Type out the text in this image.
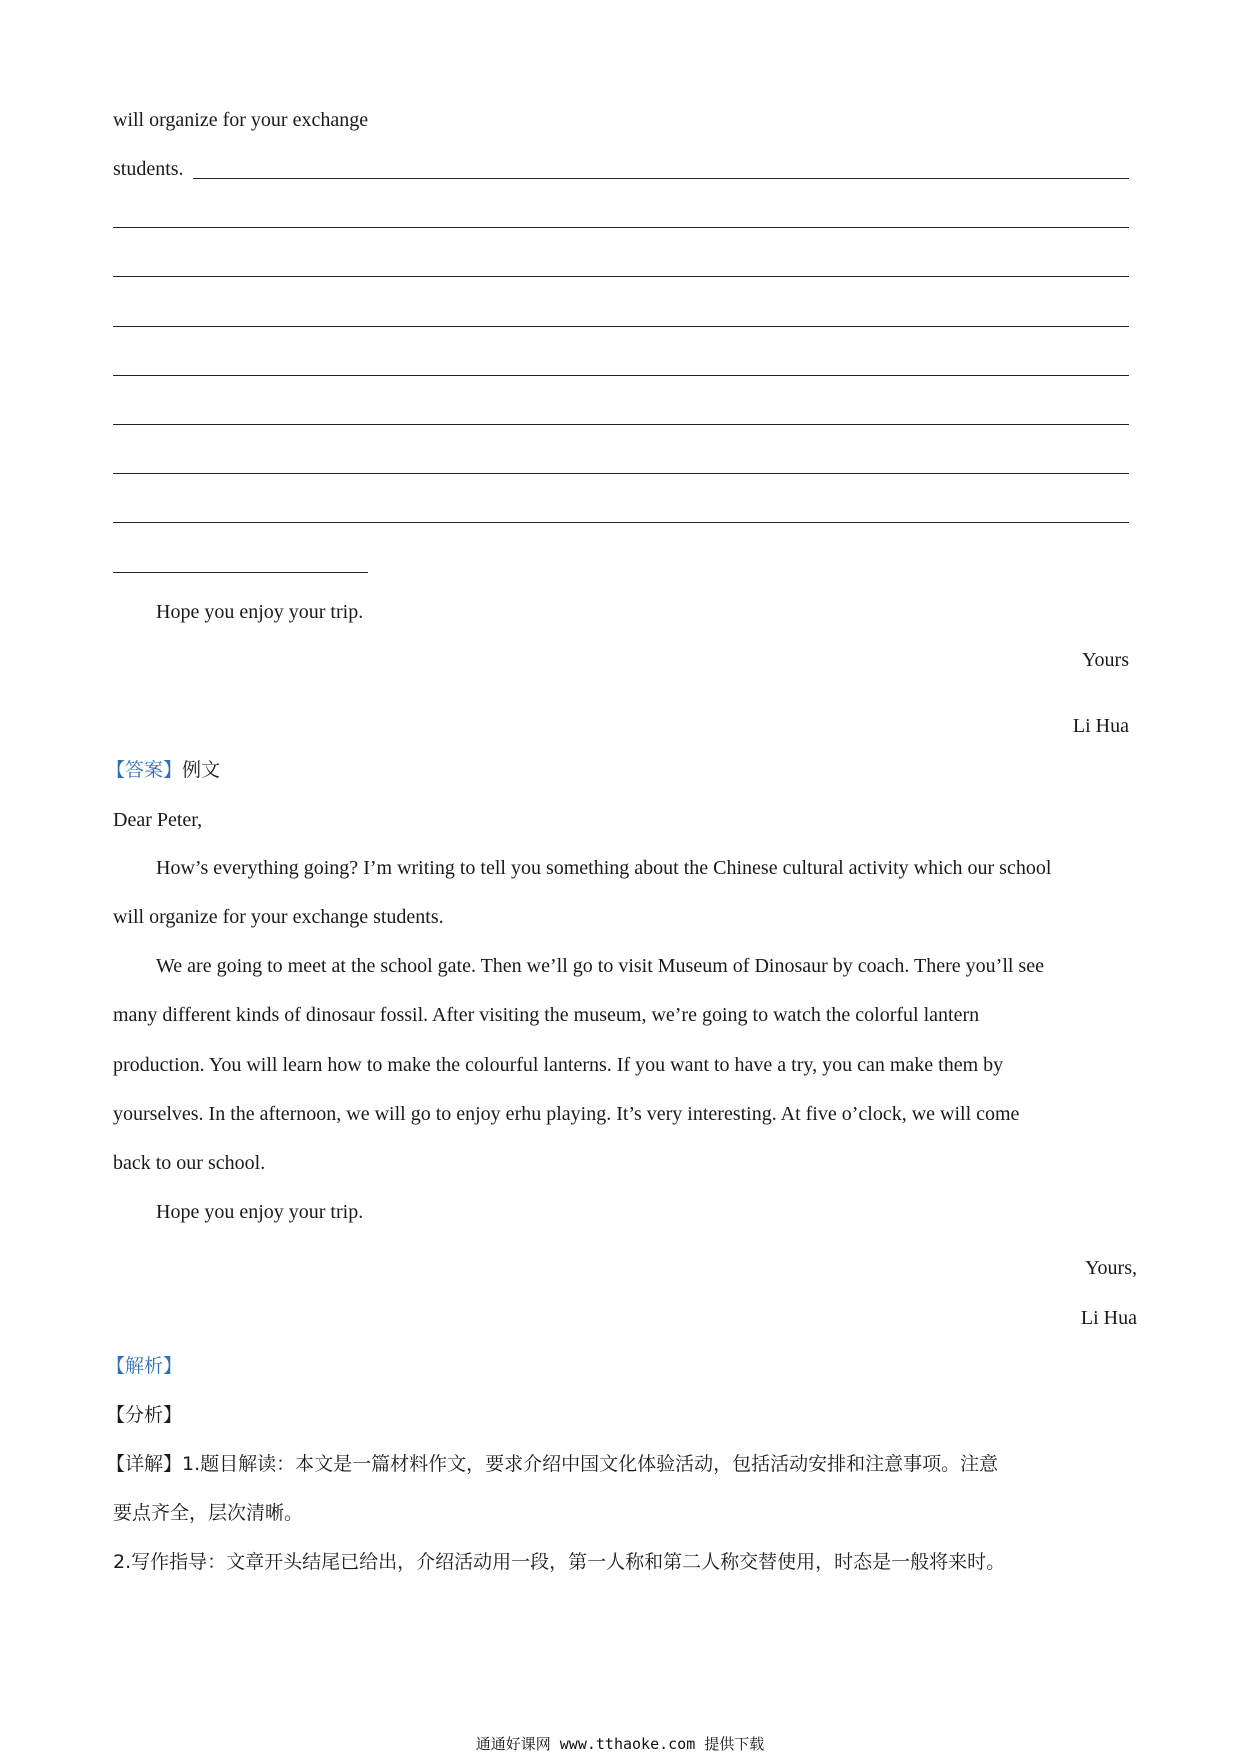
will organize for your exchange
students.
Hope you enjoy your trip.
Yours
Li Hua
【答案】例文
Dear Peter,
How’s everything going? I’m writing to tell you something about the Chinese cultural activity which our school
will organize for your exchange students.
We are going to meet at the school gate. Then we’ll go to visit Museum of Dinosaur by coach. There you’ll see
many different kinds of dinosaur fossil. After visiting the museum, we’re going to watch the colorful lantern
production. You will learn how to make the colourful lanterns. If you want to have a try, you can make them by
yourselves. In the afternoon, we will go to enjoy erhu playing. It’s very interesting. At five o’clock, we will come
back to our school.
Hope you enjoy your trip.
Yours,
Li Hua
【解析】
【分析】
【详解】1.题目解读：本文是一篇材料作文，要求介绍中国文化体验活动，包括活动安排和注意事项。注意
要点齐全，层次清晰。
2.写作指导：文章开头结尾已给出，介绍活动用一段，第一人称和第二人称交替使用，时态是一般将来时。
通通好课网 www.tthaoke.com 提供下载
